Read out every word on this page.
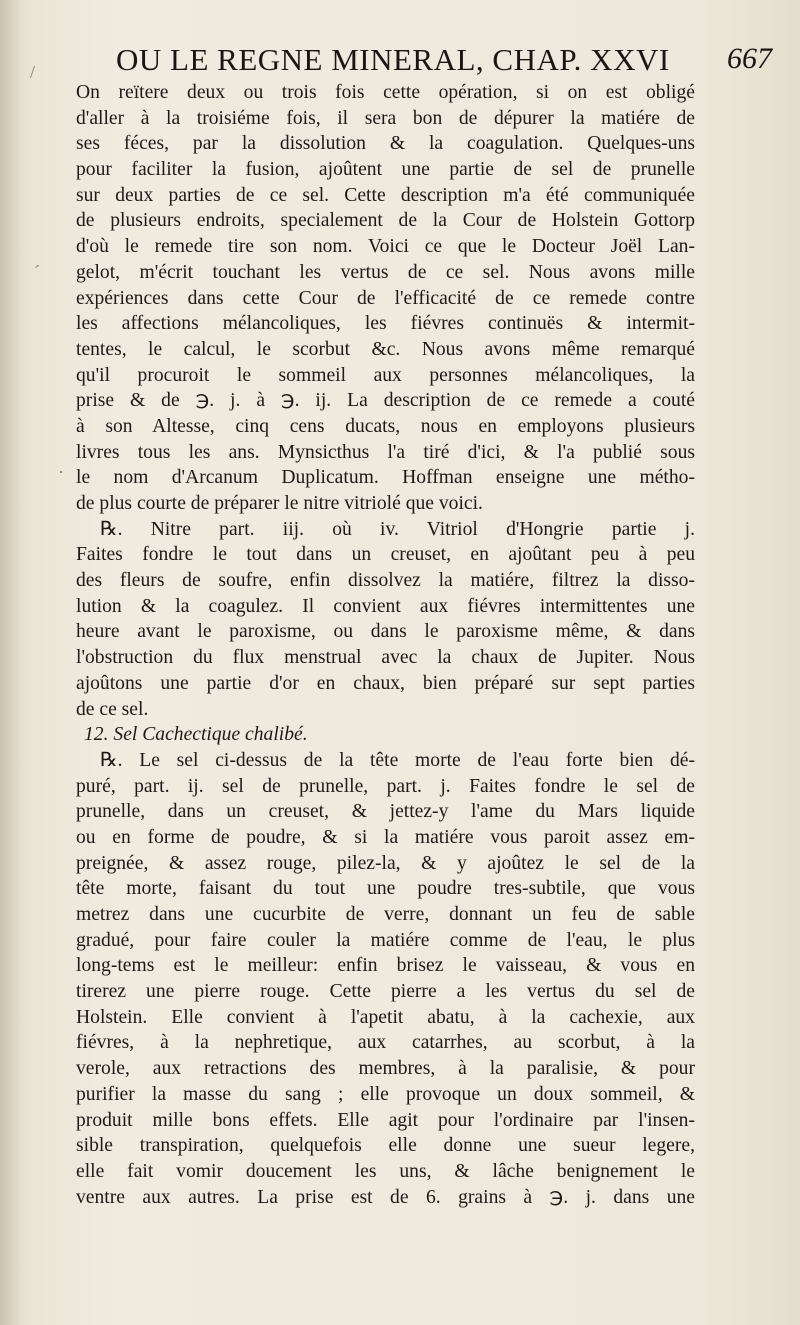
/
´
·
OU LE REGNE MINERAL, CHAP. XXVI 667
On reïtere deux ou trois fois cette opération, si on est obligé
d'aller à la troisiéme fois, il sera bon de dépurer la matiére de
ses féces, par la dissolution & la coagulation. Quelques-uns
pour faciliter la fusion, ajoûtent une partie de sel de prunelle
sur deux parties de ce sel. Cette description m'a été communiquée
de plusieurs endroits, specialement de la Cour de Holstein Gottorp
d'où le remede tire son nom. Voici ce que le Docteur Joël Lan-
gelot, m'écrit touchant les vertus de ce sel. Nous avons mille
expériences dans cette Cour de l'efficacité de ce remede contre
les affections mélancoliques, les fiévres continuës & intermit-
tentes, le calcul, le scorbut &c. Nous avons même remarqué
qu'il procuroit le sommeil aux personnes mélancoliques, la
prise & de ℈. j. à ℈. ij. La description de ce remede a couté
à son Altesse, cinq cens ducats, nous en employons plusieurs
livres tous les ans. Mynsicthus l'a tiré d'ici, & l'a publié sous
le nom d'Arcanum Duplicatum. Hoffman enseigne une métho-
de plus courte de préparer le nitre vitriolé que voici.
℞. Nitre part. iij. où iv. Vitriol d'Hongrie partie j.
Faites fondre le tout dans un creuset, en ajoûtant peu à peu
des fleurs de soufre, enfin dissolvez la matiére, filtrez la disso-
lution & la coagulez. Il convient aux fiévres intermittentes une
heure avant le paroxisme, ou dans le paroxisme même, & dans
l'obstruction du flux menstrual avec la chaux de Jupiter. Nous
ajoûtons une partie d'or en chaux, bien préparé sur sept parties
de ce sel.
12. Sel Cachectique chalibé.
℞. Le sel ci-dessus de la tête morte de l'eau forte bien dé-
puré, part. ij. sel de prunelle, part. j. Faites fondre le sel de
prunelle, dans un creuset, & jettez-y l'ame du Mars liquide
ou en forme de poudre, & si la matiére vous paroit assez em-
preignée, & assez rouge, pilez-la, & y ajoûtez le sel de la
tête morte, faisant du tout une poudre tres-subtile, que vous
metrez dans une cucurbite de verre, donnant un feu de sable
gradué, pour faire couler la matiére comme de l'eau, le plus
long-tems est le meilleur: enfin brisez le vaisseau, & vous en
tirerez une pierre rouge. Cette pierre a les vertus du sel de
Holstein. Elle convient à l'apetit abatu, à la cachexie, aux
fiévres, à la nephretique, aux catarrhes, au scorbut, à la
verole, aux retractions des membres, à la paralisie, & pour
purifier la masse du sang ; elle provoque un doux sommeil, &
produit mille bons effets. Elle agit pour l'ordinaire par l'insen-
sible transpiration, quelquefois elle donne une sueur legere,
elle fait vomir doucement les uns, & lâche benignement le
ventre aux autres. La prise est de 6. grains à ℈. j. dans une
